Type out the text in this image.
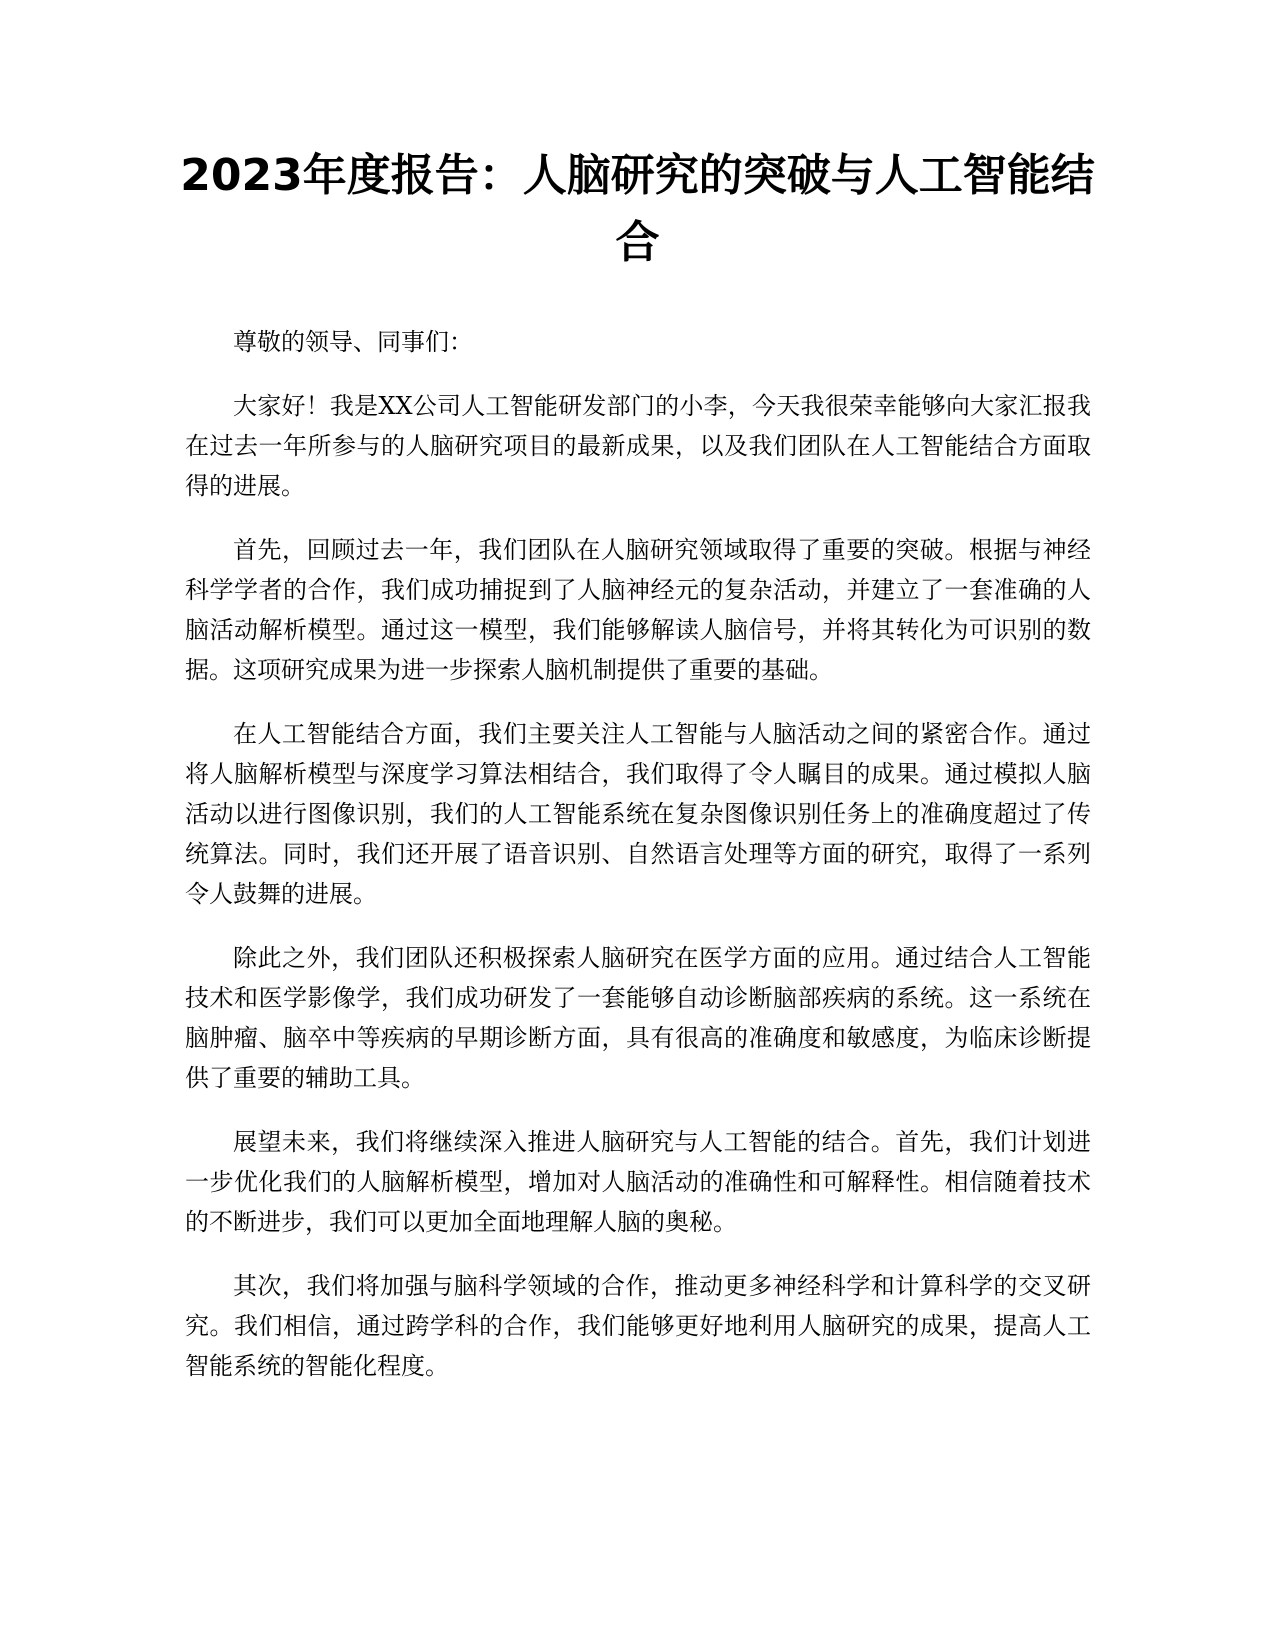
2023年度报告：人脑研究的突破与人工智能结合

尊敬的领导、同事们：

大家好！我是XX公司人工智能研发部门的小李，今天我很荣幸能够向大家汇报我在过去一年所参与的人脑研究项目的最新成果，以及我们团队在人工智能结合方面取得的进展。

首先，回顾过去一年，我们团队在人脑研究领域取得了重要的突破。根据与神经科学学者的合作，我们成功捕捉到了人脑神经元的复杂活动，并建立了一套准确的人脑活动解析模型。通过这一模型，我们能够解读人脑信号，并将其转化为可识别的数据。这项研究成果为进一步探索人脑机制提供了重要的基础。

在人工智能结合方面，我们主要关注人工智能与人脑活动之间的紧密合作。通过将人脑解析模型与深度学习算法相结合，我们取得了令人瞩目的成果。通过模拟人脑活动以进行图像识别，我们的人工智能系统在复杂图像识别任务上的准确度超过了传统算法。同时，我们还开展了语音识别、自然语言处理等方面的研究，取得了一系列令人鼓舞的进展。

除此之外，我们团队还积极探索人脑研究在医学方面的应用。通过结合人工智能技术和医学影像学，我们成功研发了一套能够自动诊断脑部疾病的系统。这一系统在脑肿瘤、脑卒中等疾病的早期诊断方面，具有很高的准确度和敏感度，为临床诊断提供了重要的辅助工具。

展望未来，我们将继续深入推进人脑研究与人工智能的结合。首先，我们计划进一步优化我们的人脑解析模型，增加对人脑活动的准确性和可解释性。相信随着技术的不断进步，我们可以更加全面地理解人脑的奥秘。

其次，我们将加强与脑科学领域的合作，推动更多神经科学和计算科学的交叉研究。我们相信，通过跨学科的合作，我们能够更好地利用人脑研究的成果，提高人工智能系统的智能化程度。
